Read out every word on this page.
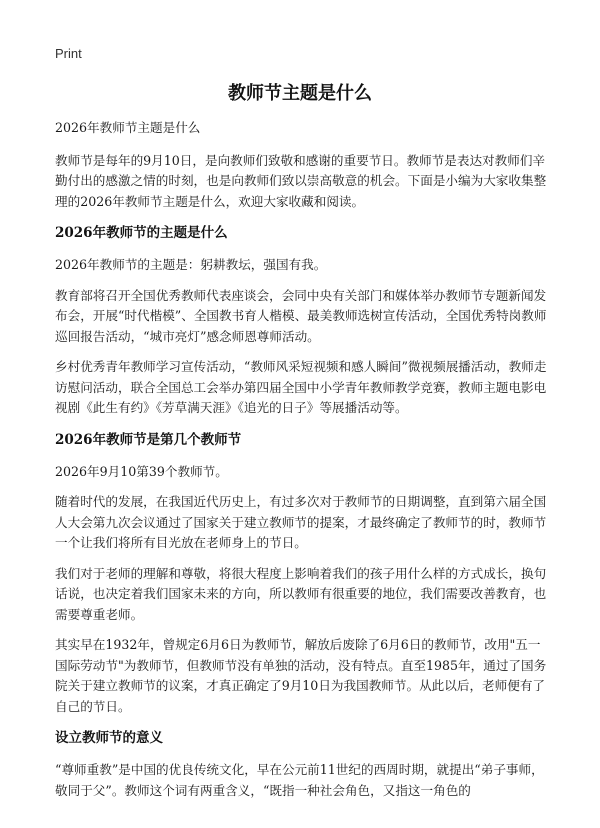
Print
教师节主题是什么

2026年教师节主题是什么

教师节是每年的9月10日，是向教师们致敬和感谢的重要节日。教师节是表达对教师们辛勤付出的感激之情的时刻，也是向教师们致以崇高敬意的机会。下面是小编为大家收集整理的2026年教师节主题是什么，欢迎大家收藏和阅读。

2026年教师节的主题是什么

2026年教师节的主题是：躬耕教坛，强国有我。

教育部将召开全国优秀教师代表座谈会，会同中央有关部门和媒体举办教师节专题新闻发布会，开展“时代楷模”、全国教书育人楷模、最美教师选树宣传活动，全国优秀特岗教师巡回报告活动，“城市亮灯”感念师恩尊师活动。

乡村优秀青年教师学习宣传活动，“教师风采短视频和感人瞬间”微视频展播活动，教师走访慰问活动，联合全国总工会举办第四届全国中小学青年教师教学竞赛，教师主题电影电视剧《此生有约》《芳草满天涯》《追光的日子》等展播活动等。

2026年教师节是第几个教师节

2026年9月10第39个教师节。

随着时代的发展，在我国近代历史上，有过多次对于教师节的日期调整，直到第六届全国人大会第九次会议通过了国家关于建立教师节的提案，才最终确定了教师节的时，教师节一个让我们将所有目光放在老师身上的节日。

我们对于老师的理解和尊敬，将很大程度上影响着我们的孩子用什么样的方式成长，换句话说，也决定着我们国家未来的方向，所以教师有很重要的地位，我们需要改善教育，也需要尊重老师。

其实早在1932年，曾规定6月6日为教师节，解放后废除了6月6日的教师节，改用"五一国际劳动节"为教师节，但教师节没有单独的活动，没有特点。直至1985年，通过了国务院关于建立教师节的议案，才真正确定了9月10日为我国教师节。从此以后，老师便有了自己的节日。

设立教师节的意义

“尊师重教”是中国的优良传统文化，早在公元前11世纪的西周时期，就提出“弟子事师，敬同于父”。教师这个词有两重含义，“既指一种社会角色，又指这一角色的
